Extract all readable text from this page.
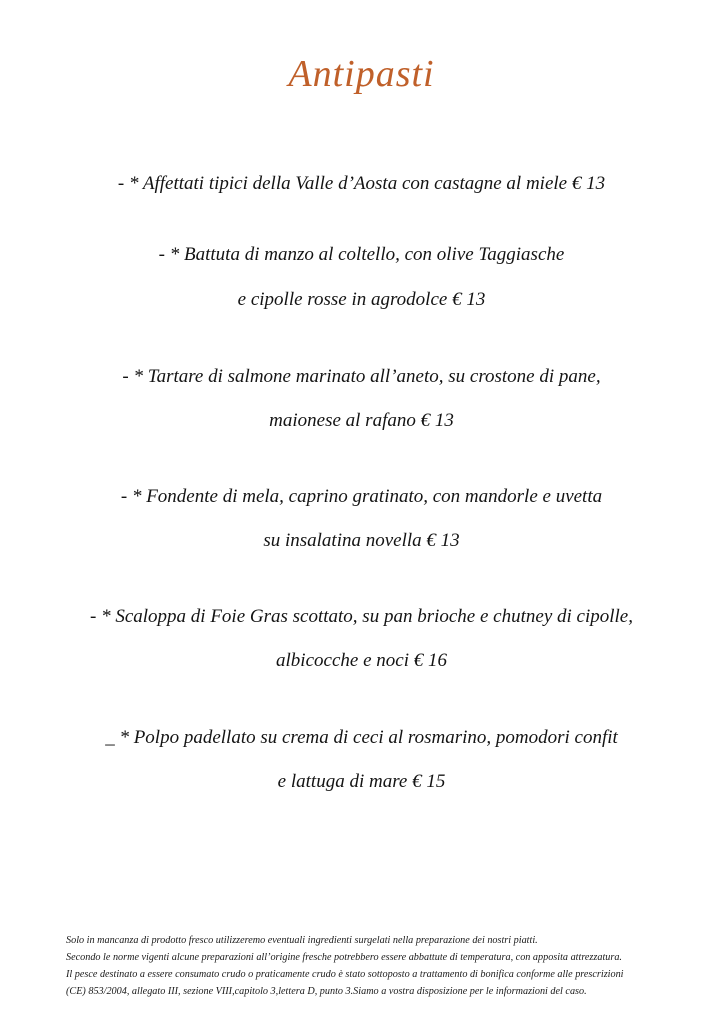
Antipasti
- * Affettati tipici della Valle d’Aosta con castagne al miele € 13
- * Battuta di manzo al coltello, con olive Taggiasche
e cipolle rosse in agrodolce € 13
- * Tartare di salmone marinato all’aneto, su crostone di pane,
maionese al rafano € 13
- * Fondente di mela, caprino gratinato, con mandorle e uvetta
su insalatina novella € 13
- * Scaloppa di Foie Gras scottato, su pan brioche e chutney di cipolle,
albicocche e noci € 16
_ * Polpo padellato su crema di ceci al rosmarino, pomodori confit
e lattuga di mare € 15
Solo in mancanza di prodotto fresco utilizzeremo eventuali ingredienti surgelati nella preparazione dei nostri piatti.
Secondo le norme vigenti alcune preparazioni all’origine fresche potrebbero essere abbattute di temperatura, con apposita attrezzatura.
Il pesce destinato a essere consumato crudo o praticamente crudo è stato sottoposto a trattamento di bonifica conforme alle prescrizioni
(CE) 853/2004, allegato III, sezione VIII,capitolo 3,lettera D, punto 3.Siamo a vostra disposizione per le informazioni del caso.
